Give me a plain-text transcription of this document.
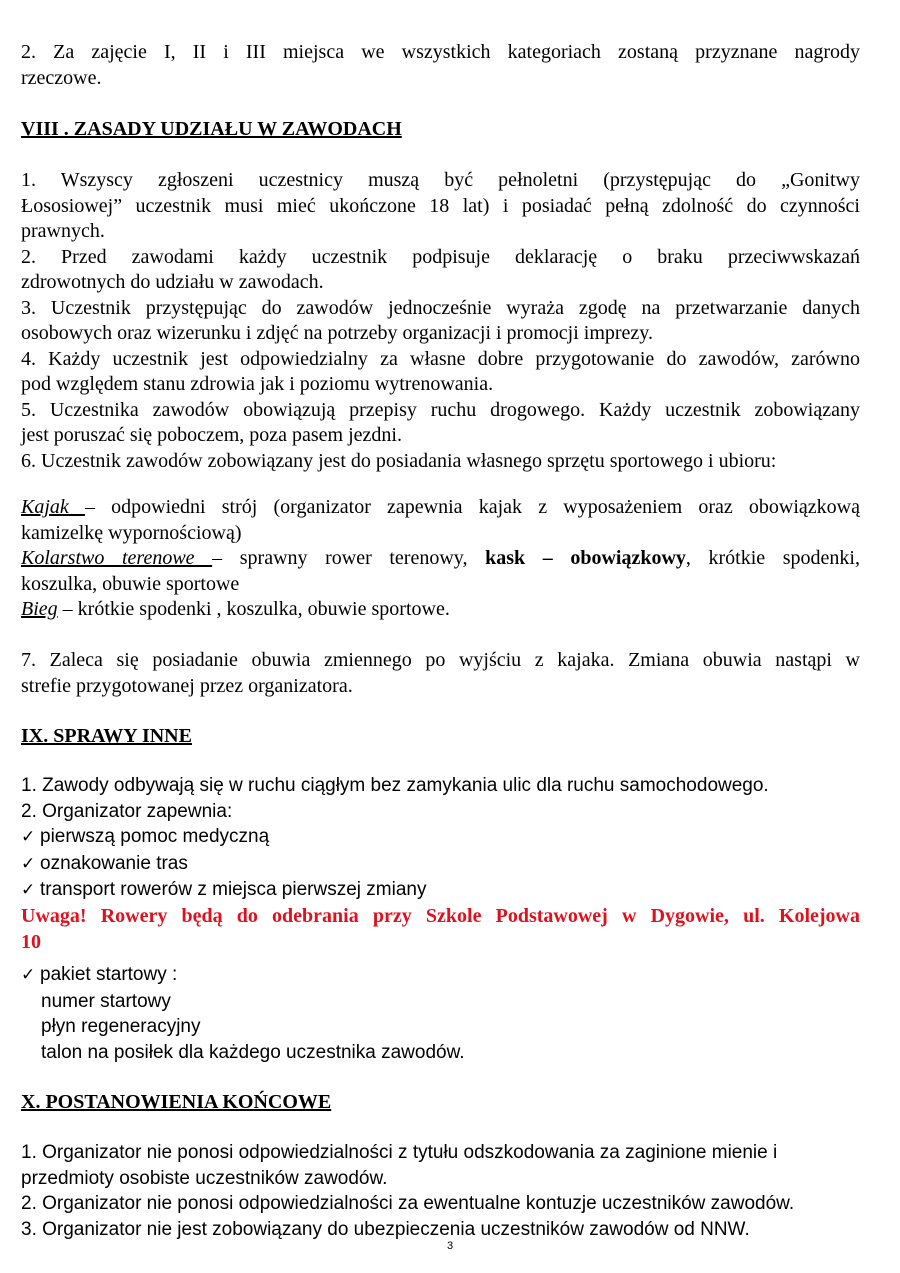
2. Za zajęcie I, II i III miejsca we wszystkich kategoriach zostaną przyznane nagrody
rzeczowe.
VIII . ZASADY UDZIAŁU W ZAWODACH
1. Wszyscy zgłoszeni uczestnicy muszą być pełnoletni (przystępując do „Gonitwy
Łososiowej” uczestnik musi mieć ukończone 18 lat) i posiadać pełną zdolność do czynności
prawnych.
2. Przed zawodami każdy uczestnik podpisuje deklarację o braku przeciwwskazań
zdrowotnych do udziału w zawodach.
3. Uczestnik przystępując do zawodów jednocześnie wyraża zgodę na przetwarzanie danych
osobowych oraz wizerunku i zdjęć na potrzeby organizacji i promocji imprezy.
4. Każdy uczestnik jest odpowiedzialny za własne dobre przygotowanie do zawodów, zarówno
pod względem stanu zdrowia jak i poziomu wytrenowania.
5. Uczestnika zawodów obowiązują przepisy ruchu drogowego. Każdy uczestnik zobowiązany
jest poruszać się poboczem, poza pasem jezdni.
6. Uczestnik zawodów zobowiązany jest do posiadania własnego sprzętu sportowego i ubioru:
Kajak – odpowiedni strój (organizator zapewnia kajak z wyposażeniem oraz obowiązkową
kamizelkę wypornościową)
Kolarstwo terenowe – sprawny rower terenowy, kask – obowiązkowy, krótkie spodenki,
koszulka, obuwie sportowe
Bieg – krótkie spodenki , koszulka, obuwie sportowe.
7. Zaleca się posiadanie obuwia zmiennego po wyjściu z kajaka. Zmiana obuwia nastąpi w
strefie przygotowanej przez organizatora.
IX. SPRAWY INNE
1. Zawody odbywają się w ruchu ciągłym bez zamykania ulic dla ruchu samochodowego.
2. Organizator zapewnia:
✓ pierwszą pomoc medyczną
✓ oznakowanie tras
✓ transport rowerów z miejsca pierwszej zmiany
Uwaga! Rowery będą do odebrania przy Szkole Podstawowej w Dygowie, ul. Kolejowa
10
✓ pakiet startowy :
numer startowy
płyn regeneracyjny
talon na posiłek dla każdego uczestnika zawodów.
X. POSTANOWIENIA KOŃCOWE
1. Organizator nie ponosi odpowiedzialności z tytułu odszkodowania za zaginione mienie i
przedmioty osobiste uczestników zawodów.
2. Organizator nie ponosi odpowiedzialności za ewentualne kontuzje uczestników zawodów.
3. Organizator nie jest zobowiązany do ubezpieczenia uczestników zawodów od NNW.
3
